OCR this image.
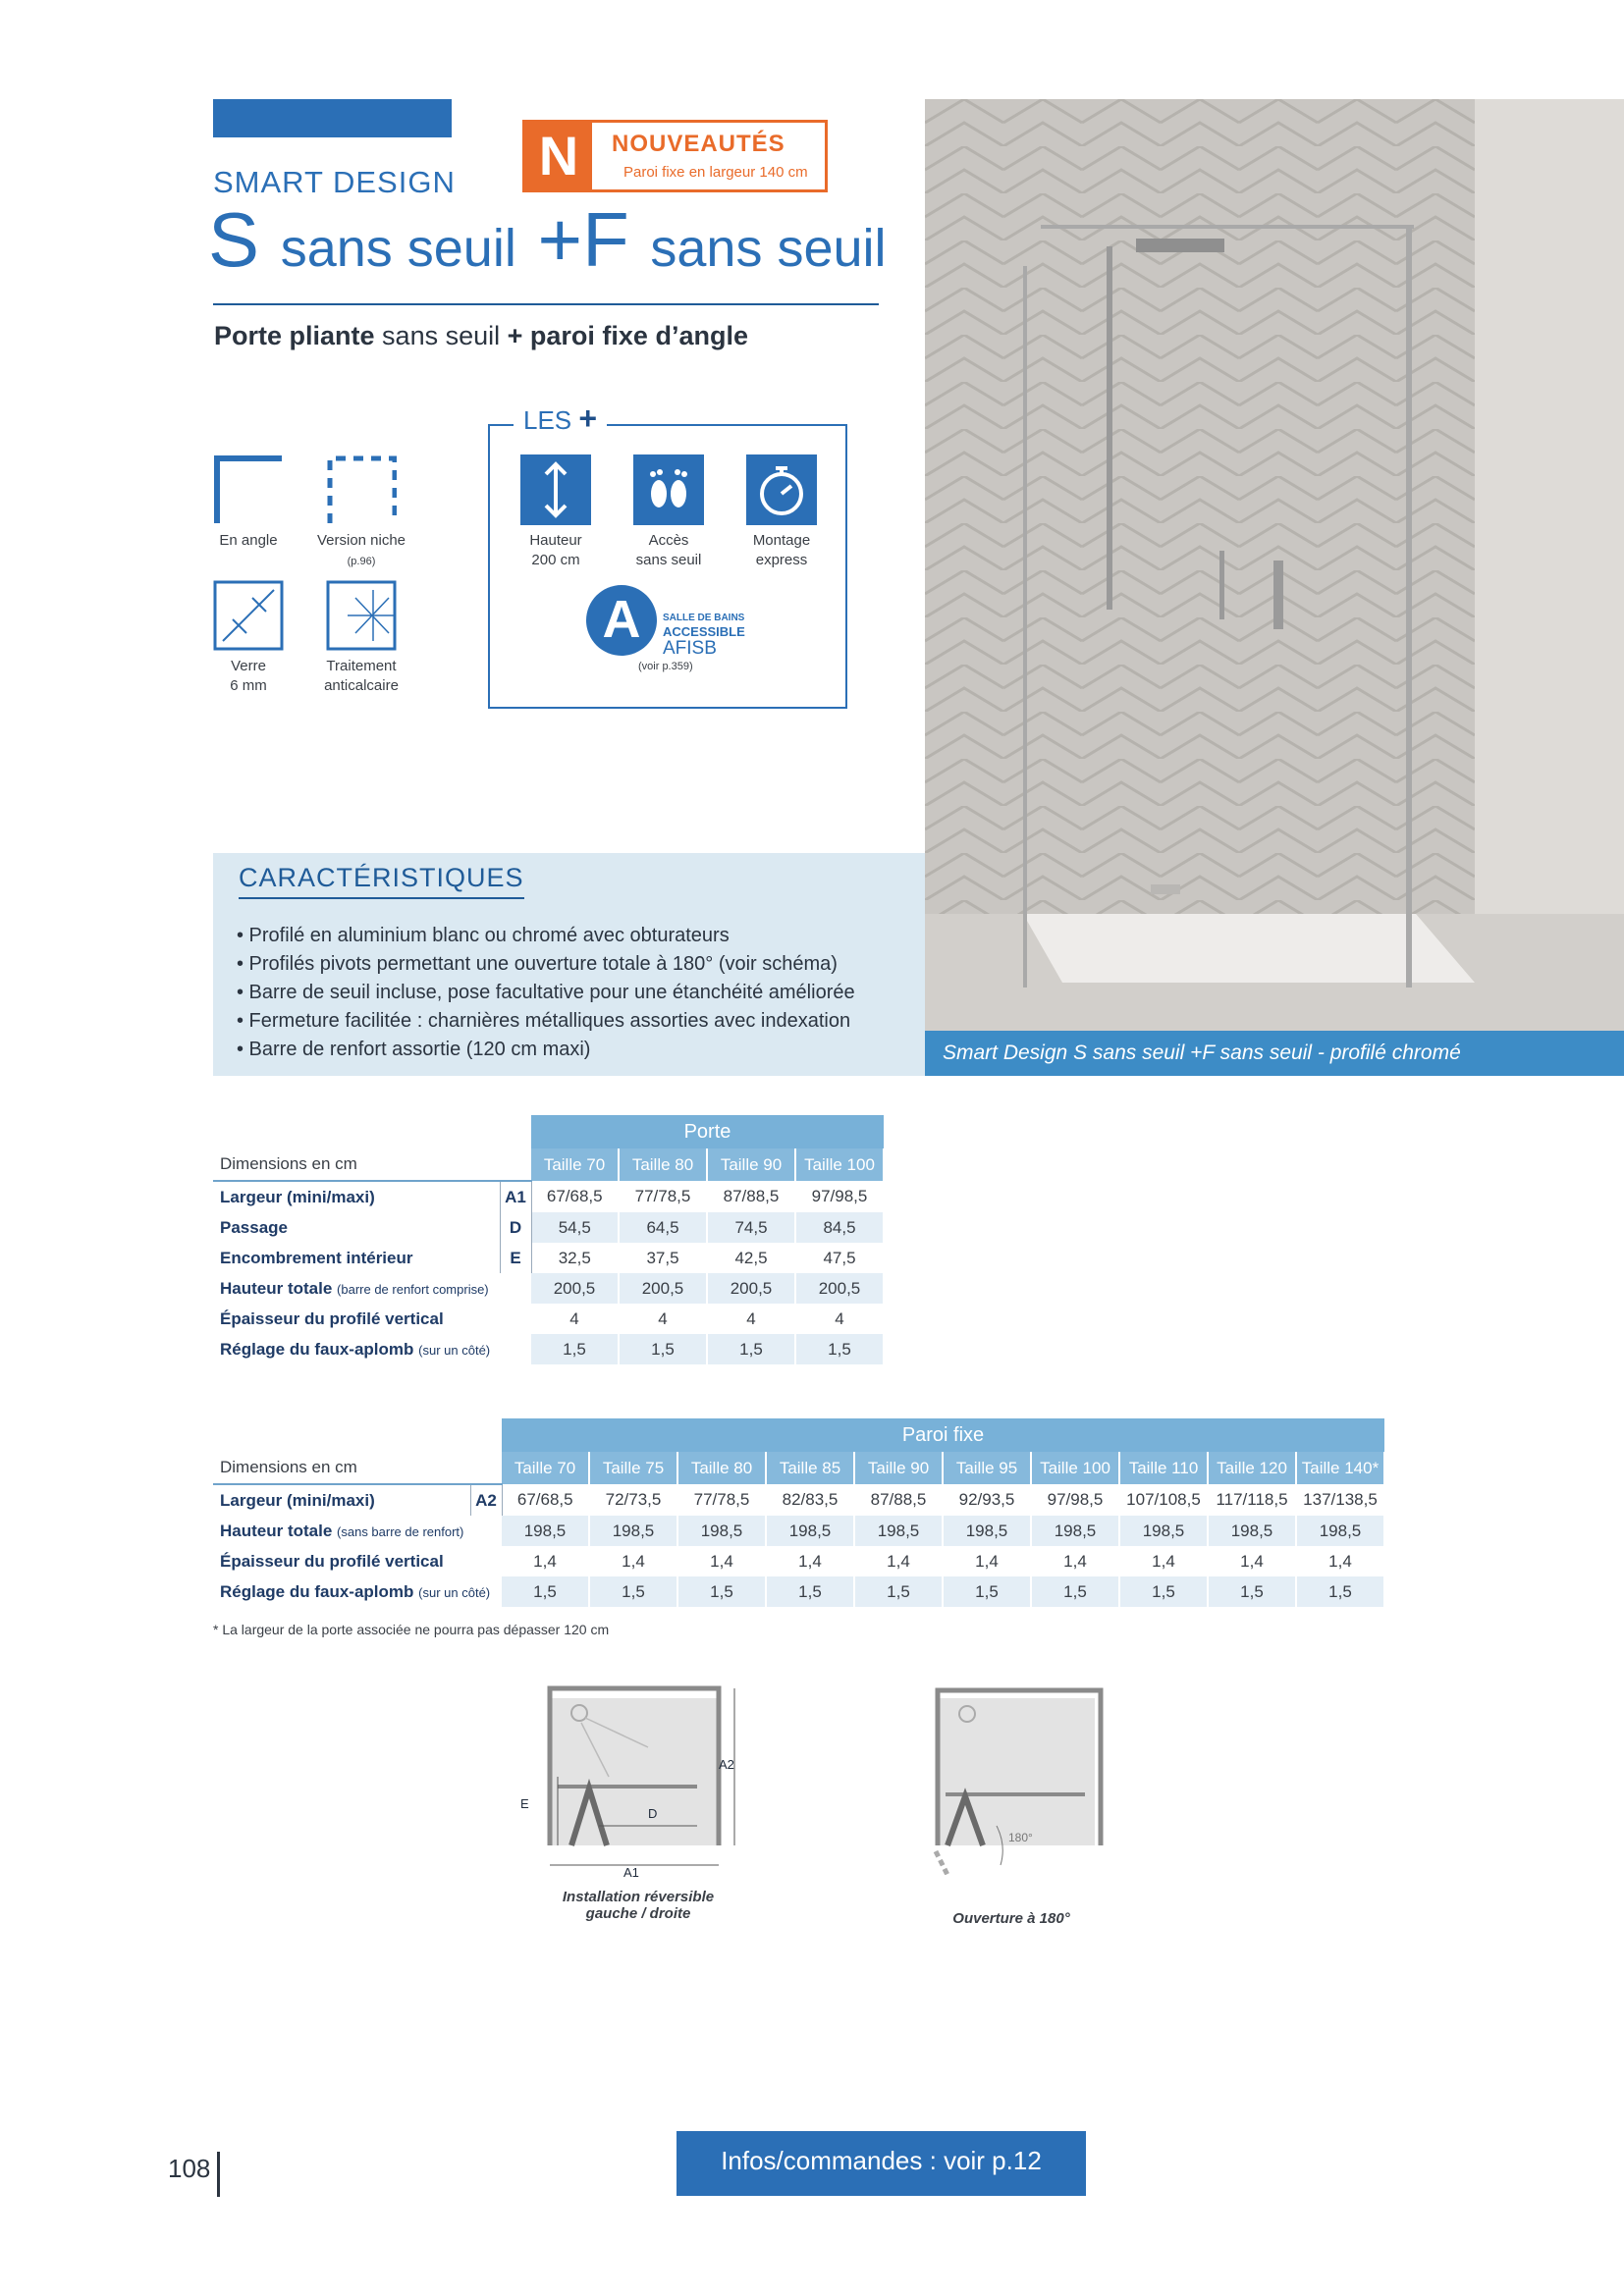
SMART DESIGN N	NOUVEAUTÉS
Paroi fixe en largeur 140 cm
S sans seuil +F sans seuil
Porte pliante sans seuil + paroi fixe d’angle
En angle	Version niche
(p.96)
Verre
6 mm
Traitement
anticalcaire
LES +
Hauteur
200 cm
Accès
sans seuil
Montage
express
A	SALLE DE BAINS
ACCESSIBLE
AFISB
(voir p.359)
Smart Design S sans seuil +F sans seuil - profilé chromé
CARACTÉRISTIQUES
• Profilé en aluminium blanc ou chromé avec obturateurs
• Profilés pivots permettant une ouverture totale à 180° (voir schéma)
• Barre de seuil incluse, pose facultative pour une étanchéité améliorée
• Fermeture facilitée : charnières métalliques assorties avec indexation
• Barre de renfort assortie (120 cm maxi)
		Porte			
Dimensions en cm		Taille 70	Taille 80	Taille 90	Taille 100
Largeur (mini/maxi)	A1	67/68,5	77/78,5	87/88,5	97/98,5
Passage	D	54,5	64,5	74,5	84,5
Encombrement intérieur	E	32,5	37,5	42,5	47,5
Hauteur totale (barre de renfort comprise)		200,5	200,5	200,5	200,5
Épaisseur du profilé vertical		4	4	4	4
Réglage du faux-aplomb (sur un côté)		1,5	1,5	1,5	1,5
		Paroi fixe									
Dimensions en cm		Taille 70	Taille 75	Taille 80	Taille 85	Taille 90	Taille 95	Taille 100	Taille 110	Taille 120	Taille 140*
Largeur (mini/maxi)	A2	67/68,5	72/73,5	77/78,5	82/83,5	87/88,5	92/93,5	97/98,5	107/108,5	117/118,5	137/138,5
Hauteur totale (sans barre de renfort)		198,5	198,5	198,5	198,5	198,5	198,5	198,5	198,5	198,5	198,5
Épaisseur du profilé vertical		1,4	1,4	1,4	1,4	1,4	1,4	1,4	1,4	1,4	1,4
Réglage du faux-aplomb (sur un côté)		1,5	1,5	1,5	1,5	1,5	1,5	1,5	1,5	1,5	1,5
* La largeur de la porte associée ne pourra pas dépasser 120 cm
E
D
A1
A2
Installation réversible
gauche / droite
180°
Ouverture à 180°
108	Infos/commandes : voir p.12
